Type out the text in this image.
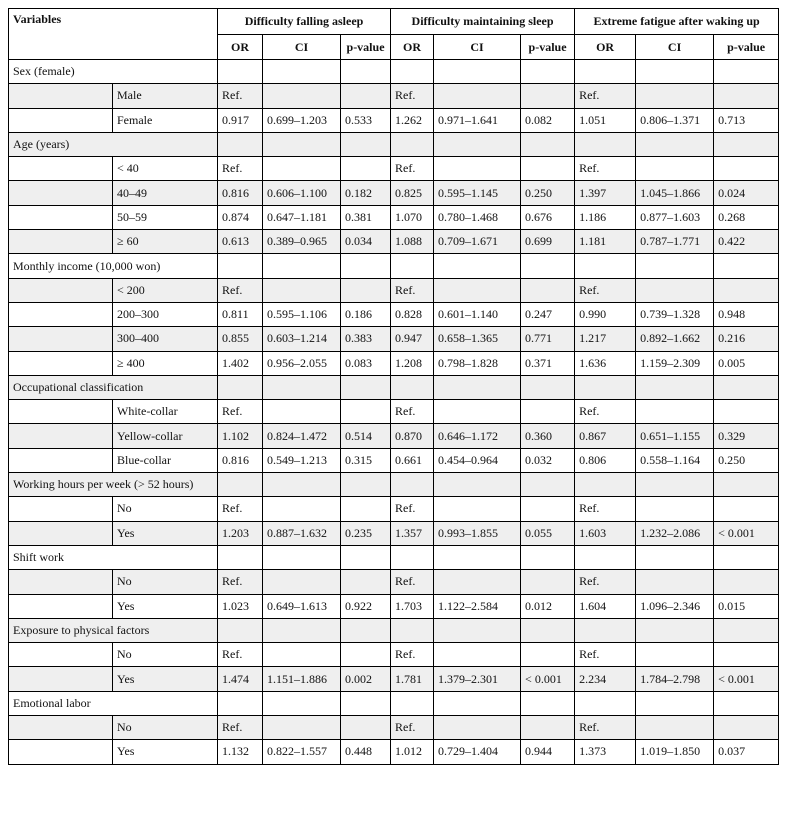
Variables		Difficulty falling asleep			Difficulty maintaining sleep			Extreme fatigue after waking up		
		OR	CI	p-value	OR	CI	p-value	OR	CI	p-value
Sex (female)										
	Male	Ref.			Ref.			Ref.		
	Female	0.917	0.699–1.203	0.533	1.262	0.971–1.641	0.082	1.051	0.806–1.371	0.713
Age (years)										
	< 40	Ref.			Ref.			Ref.		
	40–49	0.816	0.606–1.100	0.182	0.825	0.595–1.145	0.250	1.397	1.045–1.866	0.024
	50–59	0.874	0.647–1.181	0.381	1.070	0.780–1.468	0.676	1.186	0.877–1.603	0.268
	≥ 60	0.613	0.389–0.965	0.034	1.088	0.709–1.671	0.699	1.181	0.787–1.771	0.422
Monthly income (10,000 won)										
	< 200	Ref.			Ref.			Ref.		
	200–300	0.811	0.595–1.106	0.186	0.828	0.601–1.140	0.247	0.990	0.739–1.328	0.948
	300–400	0.855	0.603–1.214	0.383	0.947	0.658–1.365	0.771	1.217	0.892–1.662	0.216
	≥ 400	1.402	0.956–2.055	0.083	1.208	0.798–1.828	0.371	1.636	1.159–2.309	0.005
Occupational classification										
	White-collar	Ref.			Ref.			Ref.		
	Yellow-collar	1.102	0.824–1.472	0.514	0.870	0.646–1.172	0.360	0.867	0.651–1.155	0.329
	Blue-collar	0.816	0.549–1.213	0.315	0.661	0.454–0.964	0.032	0.806	0.558–1.164	0.250
Working hours per week (> 52 hours)										
	No	Ref.			Ref.			Ref.		
	Yes	1.203	0.887–1.632	0.235	1.357	0.993–1.855	0.055	1.603	1.232–2.086	< 0.001
Shift work										
	No	Ref.			Ref.			Ref.		
	Yes	1.023	0.649–1.613	0.922	1.703	1.122–2.584	0.012	1.604	1.096–2.346	0.015
Exposure to physical factors										
	No	Ref.			Ref.			Ref.		
	Yes	1.474	1.151–1.886	0.002	1.781	1.379–2.301	< 0.001	2.234	1.784–2.798	< 0.001
Emotional labor										
	No	Ref.			Ref.			Ref.		
	Yes	1.132	0.822–1.557	0.448	1.012	0.729–1.404	0.944	1.373	1.019–1.850	0.037
